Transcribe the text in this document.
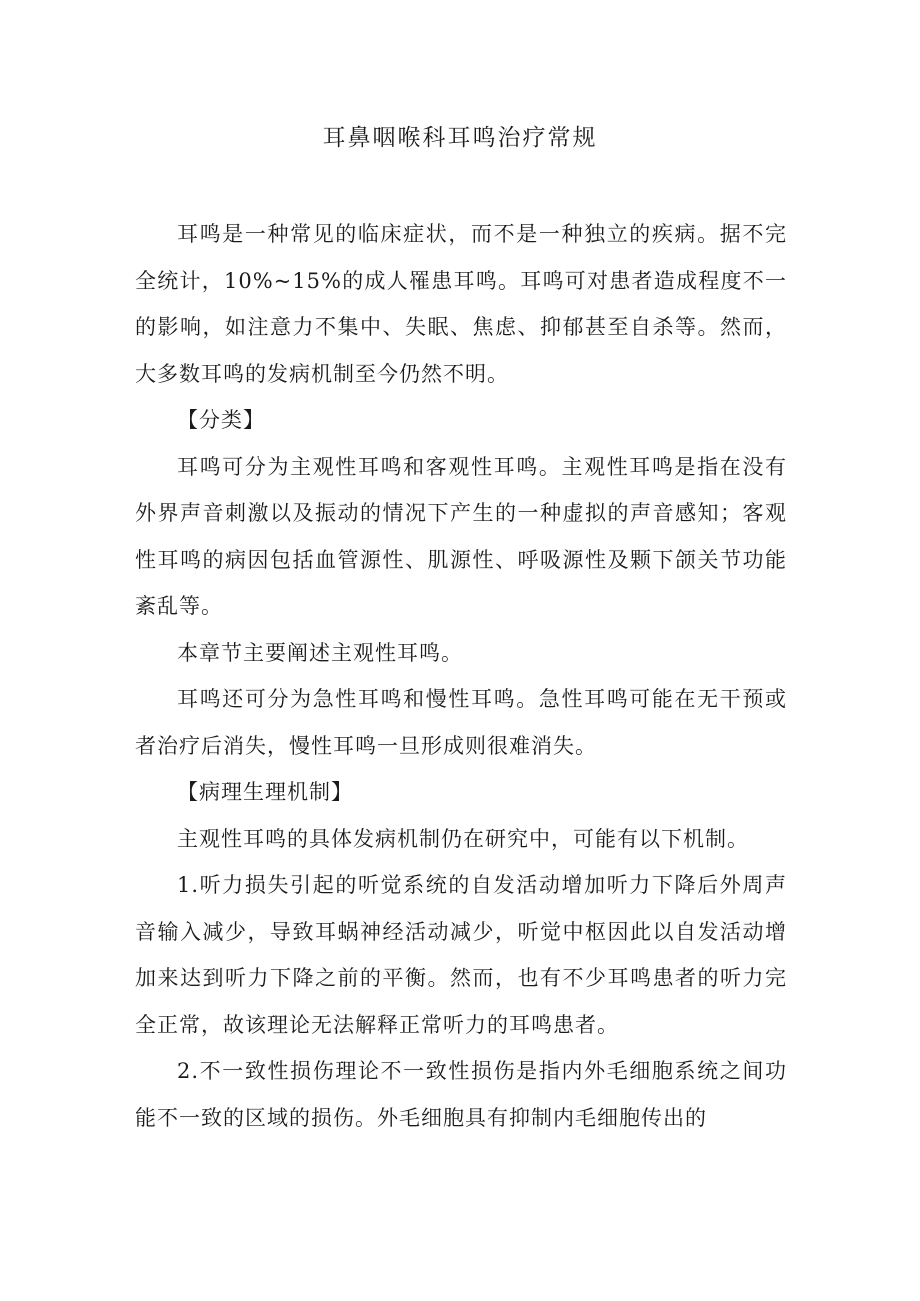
耳鼻咽喉科耳鸣治疗常规

耳鸣是一种常见的临床症状，而不是一种独立的疾病。据不完全统计，10%~15%的成人罹患耳鸣。耳鸣可对患者造成程度不一的影响，如注意力不集中、失眠、焦虑、抑郁甚至自杀等。然而，大多数耳鸣的发病机制至今仍然不明。

【分类】

耳鸣可分为主观性耳鸣和客观性耳鸣。主观性耳鸣是指在没有外界声音刺激以及振动的情况下产生的一种虚拟的声音感知；客观性耳鸣的病因包括血管源性、肌源性、呼吸源性及颗下颌关节功能紊乱等。

本章节主要阐述主观性耳鸣。

耳鸣还可分为急性耳鸣和慢性耳鸣。急性耳鸣可能在无干预或者治疗后消失，慢性耳鸣一旦形成则很难消失。

【病理生理机制】

主观性耳鸣的具体发病机制仍在研究中，可能有以下机制。

1.听力损失引起的听觉系统的自发活动增加听力下降后外周声音输入减少，导致耳蜗神经活动减少，听觉中枢因此以自发活动增加来达到听力下降之前的平衡。然而，也有不少耳鸣患者的听力完全正常，故该理论无法解释正常听力的耳鸣患者。

2.不一致性损伤理论不一致性损伤是指内外毛细胞系统之间功能不一致的区域的损伤。外毛细胞具有抑制内毛细胞传出的
